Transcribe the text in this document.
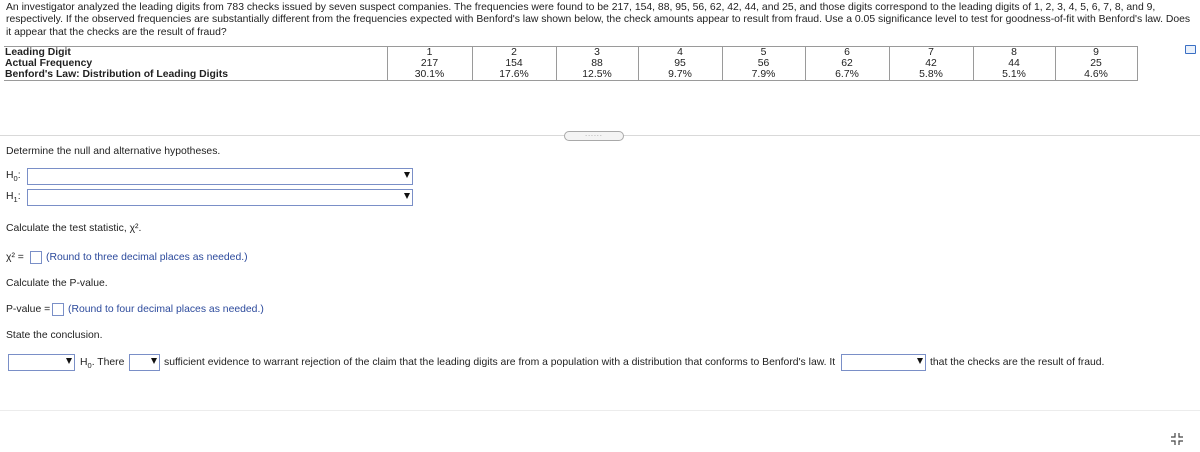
An investigator analyzed the leading digits from 783 checks issued by seven suspect companies. The frequencies were found to be 217, 154, 88, 95, 56, 62, 42, 44, and 25, and those digits correspond to the leading digits of 1, 2, 3, 4, 5, 6, 7, 8, and 9, respectively. If the observed frequencies are substantially different from the frequencies expected with Benford's law shown below, the check amounts appear to result from fraud. Use a 0.05 significance level to test for goodness-of-fit with Benford's law. Does it appear that the checks are the result of fraud?
Leading Digit	1	2	3	4	5	6	7	8	9
Actual Frequency	217	154	88	95	56	62	42	44	25
Benford's Law: Distribution of Leading Digits	30.1%	17.6%	12.5%	9.7%	7.9%	6.7%	5.8%	5.1%	4.6%
......
Determine the null and alternative hypotheses.
$H_0$:
$H_1$:
Calculate the test statistic, χ².
χ² = (Round to three decimal places as needed.)
Calculate the P-value.
P-value = (Round to four decimal places as needed.)
State the conclusion.
$H_0$. There	sufficient evidence to warrant rejection of the claim that the leading digits are from a population with a distribution that conforms to Benford's law. It	that the checks are the result of fraud.
